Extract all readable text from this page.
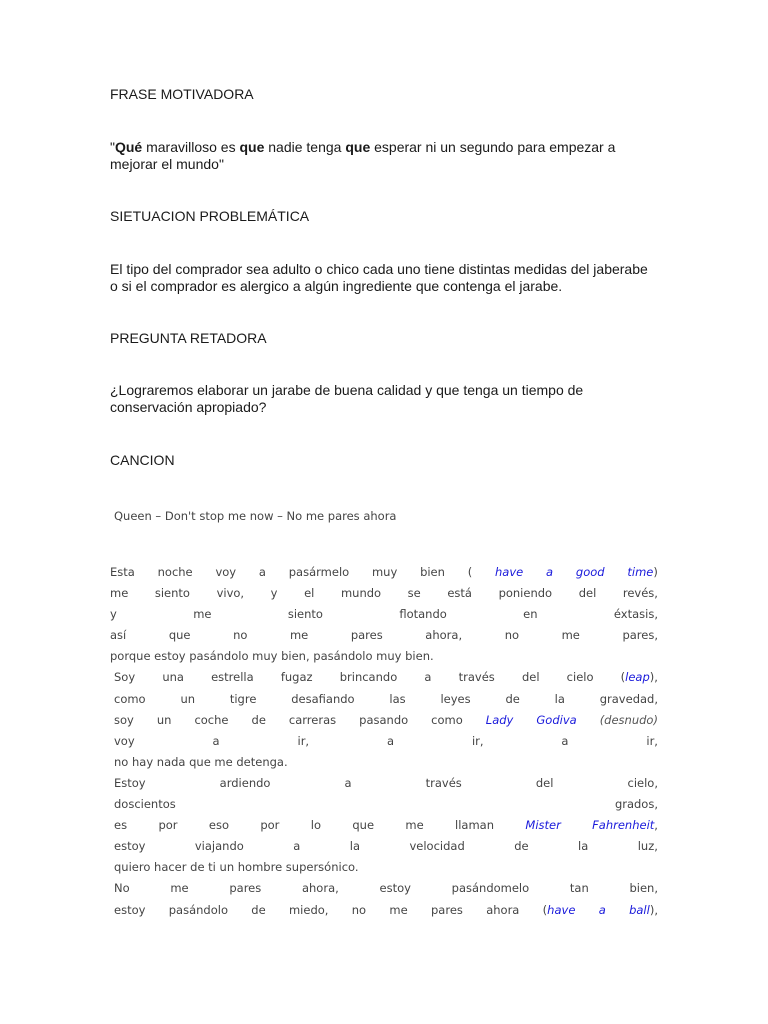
FRASE MOTIVADORA
"Qué maravilloso es que nadie tenga que esperar ni un segundo para empezar a mejorar el mundo"
SIETUACION PROBLEMÁTICA
El tipo del comprador sea adulto o chico cada uno tiene distintas medidas del jaberabe o si el comprador es alergico a algún ingrediente que contenga el jarabe.
PREGUNTA RETADORA
¿Lograremos elaborar un jarabe de buena calidad y que tenga un tiempo de conservación apropiado?
CANCION
Queen – Don't stop me now – No me pares ahora
Esta noche voy a pasármelo muy bien ( have a good time)
me siento vivo, y el mundo se está poniendo del revés,
y	me	siento	flotando	en	éxtasis,
así	que	no	me	pares	ahora,	no	me	pares,
porque estoy pasándolo muy bien, pasándolo muy bien.
Soy una estrella fugaz brincando a través del cielo (leap),
como	un	tigre	desafiando	las	leyes	de	la	gravedad,
soy un coche de carreras pasando como Lady Godiva (desnudo)
voy	a	ir,	a	ir,	a	ir,
no hay nada que me detenga.
Estoy	ardiendo	a	través	del	cielo,
doscientos	grados,
es	por	eso	por	lo	que	me	llaman	Mister	Fahrenheit,
estoy	viajando	a	la	velocidad	de	la	luz,
quiero hacer de ti un hombre supersónico.
No	me	pares	ahora,	estoy	pasándomelo	tan	bien,
estoy pasándolo de miedo, no me pares ahora (have a ball),
